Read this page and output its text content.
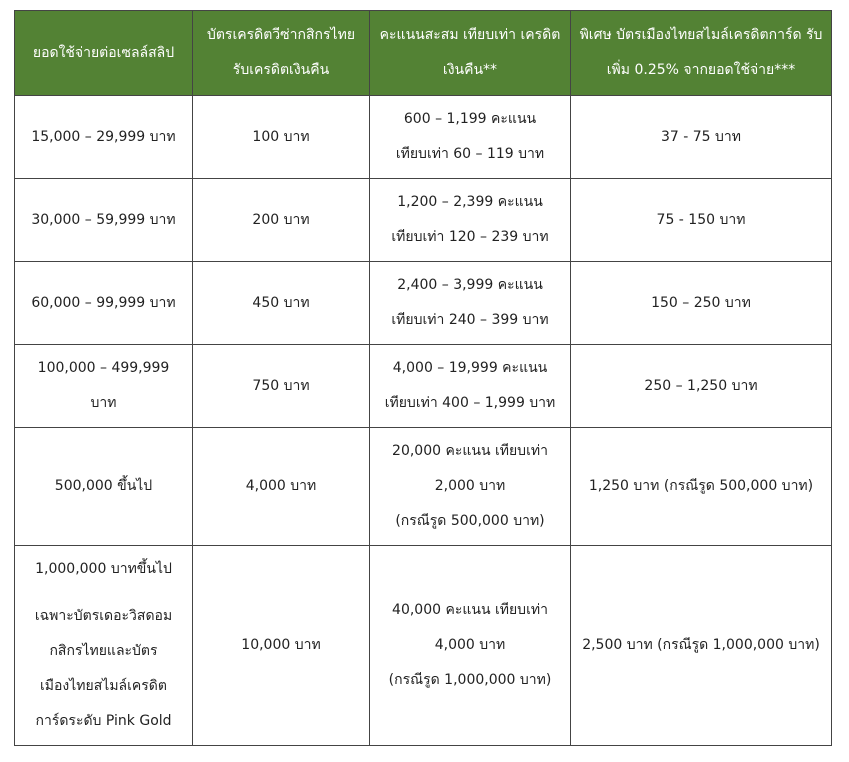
ยอดใช้จ่ายต่อเซลล์สลิป	บัตรเครดิตวีซ่ากสิกรไทย รับเครดิตเงินคืน	คะแนนสะสม เทียบเท่า เครดิตเงินคืน**	พิเศษ บัตรเมืองไทยสไมล์เครดิตการ์ด รับเพิ่ม 0.25% จากยอดใช้จ่าย***

15,000 – 29,999 บาท	100 บาท	600 – 1,199 คะแนน
เทียบเท่า 60 – 119 บาท	37 - 75 บาท

30,000 – 59,999 บาท	200 บาท	1,200 – 2,399 คะแนน
เทียบเท่า 120 – 239 บาท	75 - 150 บาท

60,000 – 99,999 บาท	450 บาท	2,400 – 3,999 คะแนน
เทียบเท่า 240 – 399 บาท	150 – 250 บาท

100,000 – 499,999
บาท	750 บาท	4,000 – 19,999 คะแนน
เทียบเท่า 400 – 1,999 บาท	250 – 1,250 บาท

500,000 ขึ้นไป	4,000 บาท	20,000 คะแนน เทียบเท่า
2,000 บาท
(กรณีรูด 500,000 บาท)	1,250 บาท (กรณีรูด 500,000 บาท)

1,000,000 บาทขึ้นไป
เฉพาะบัตรเดอะวิสดอม
กสิกรไทยและบัตร
เมืองไทยสไมล์เครดิต
การ์ดระดับ Pink Gold	10,000 บาท	40,000 คะแนน เทียบเท่า
4,000 บาท
(กรณีรูด 1,000,000 บาท)	2,500 บาท (กรณีรูด 1,000,000 บาท)
